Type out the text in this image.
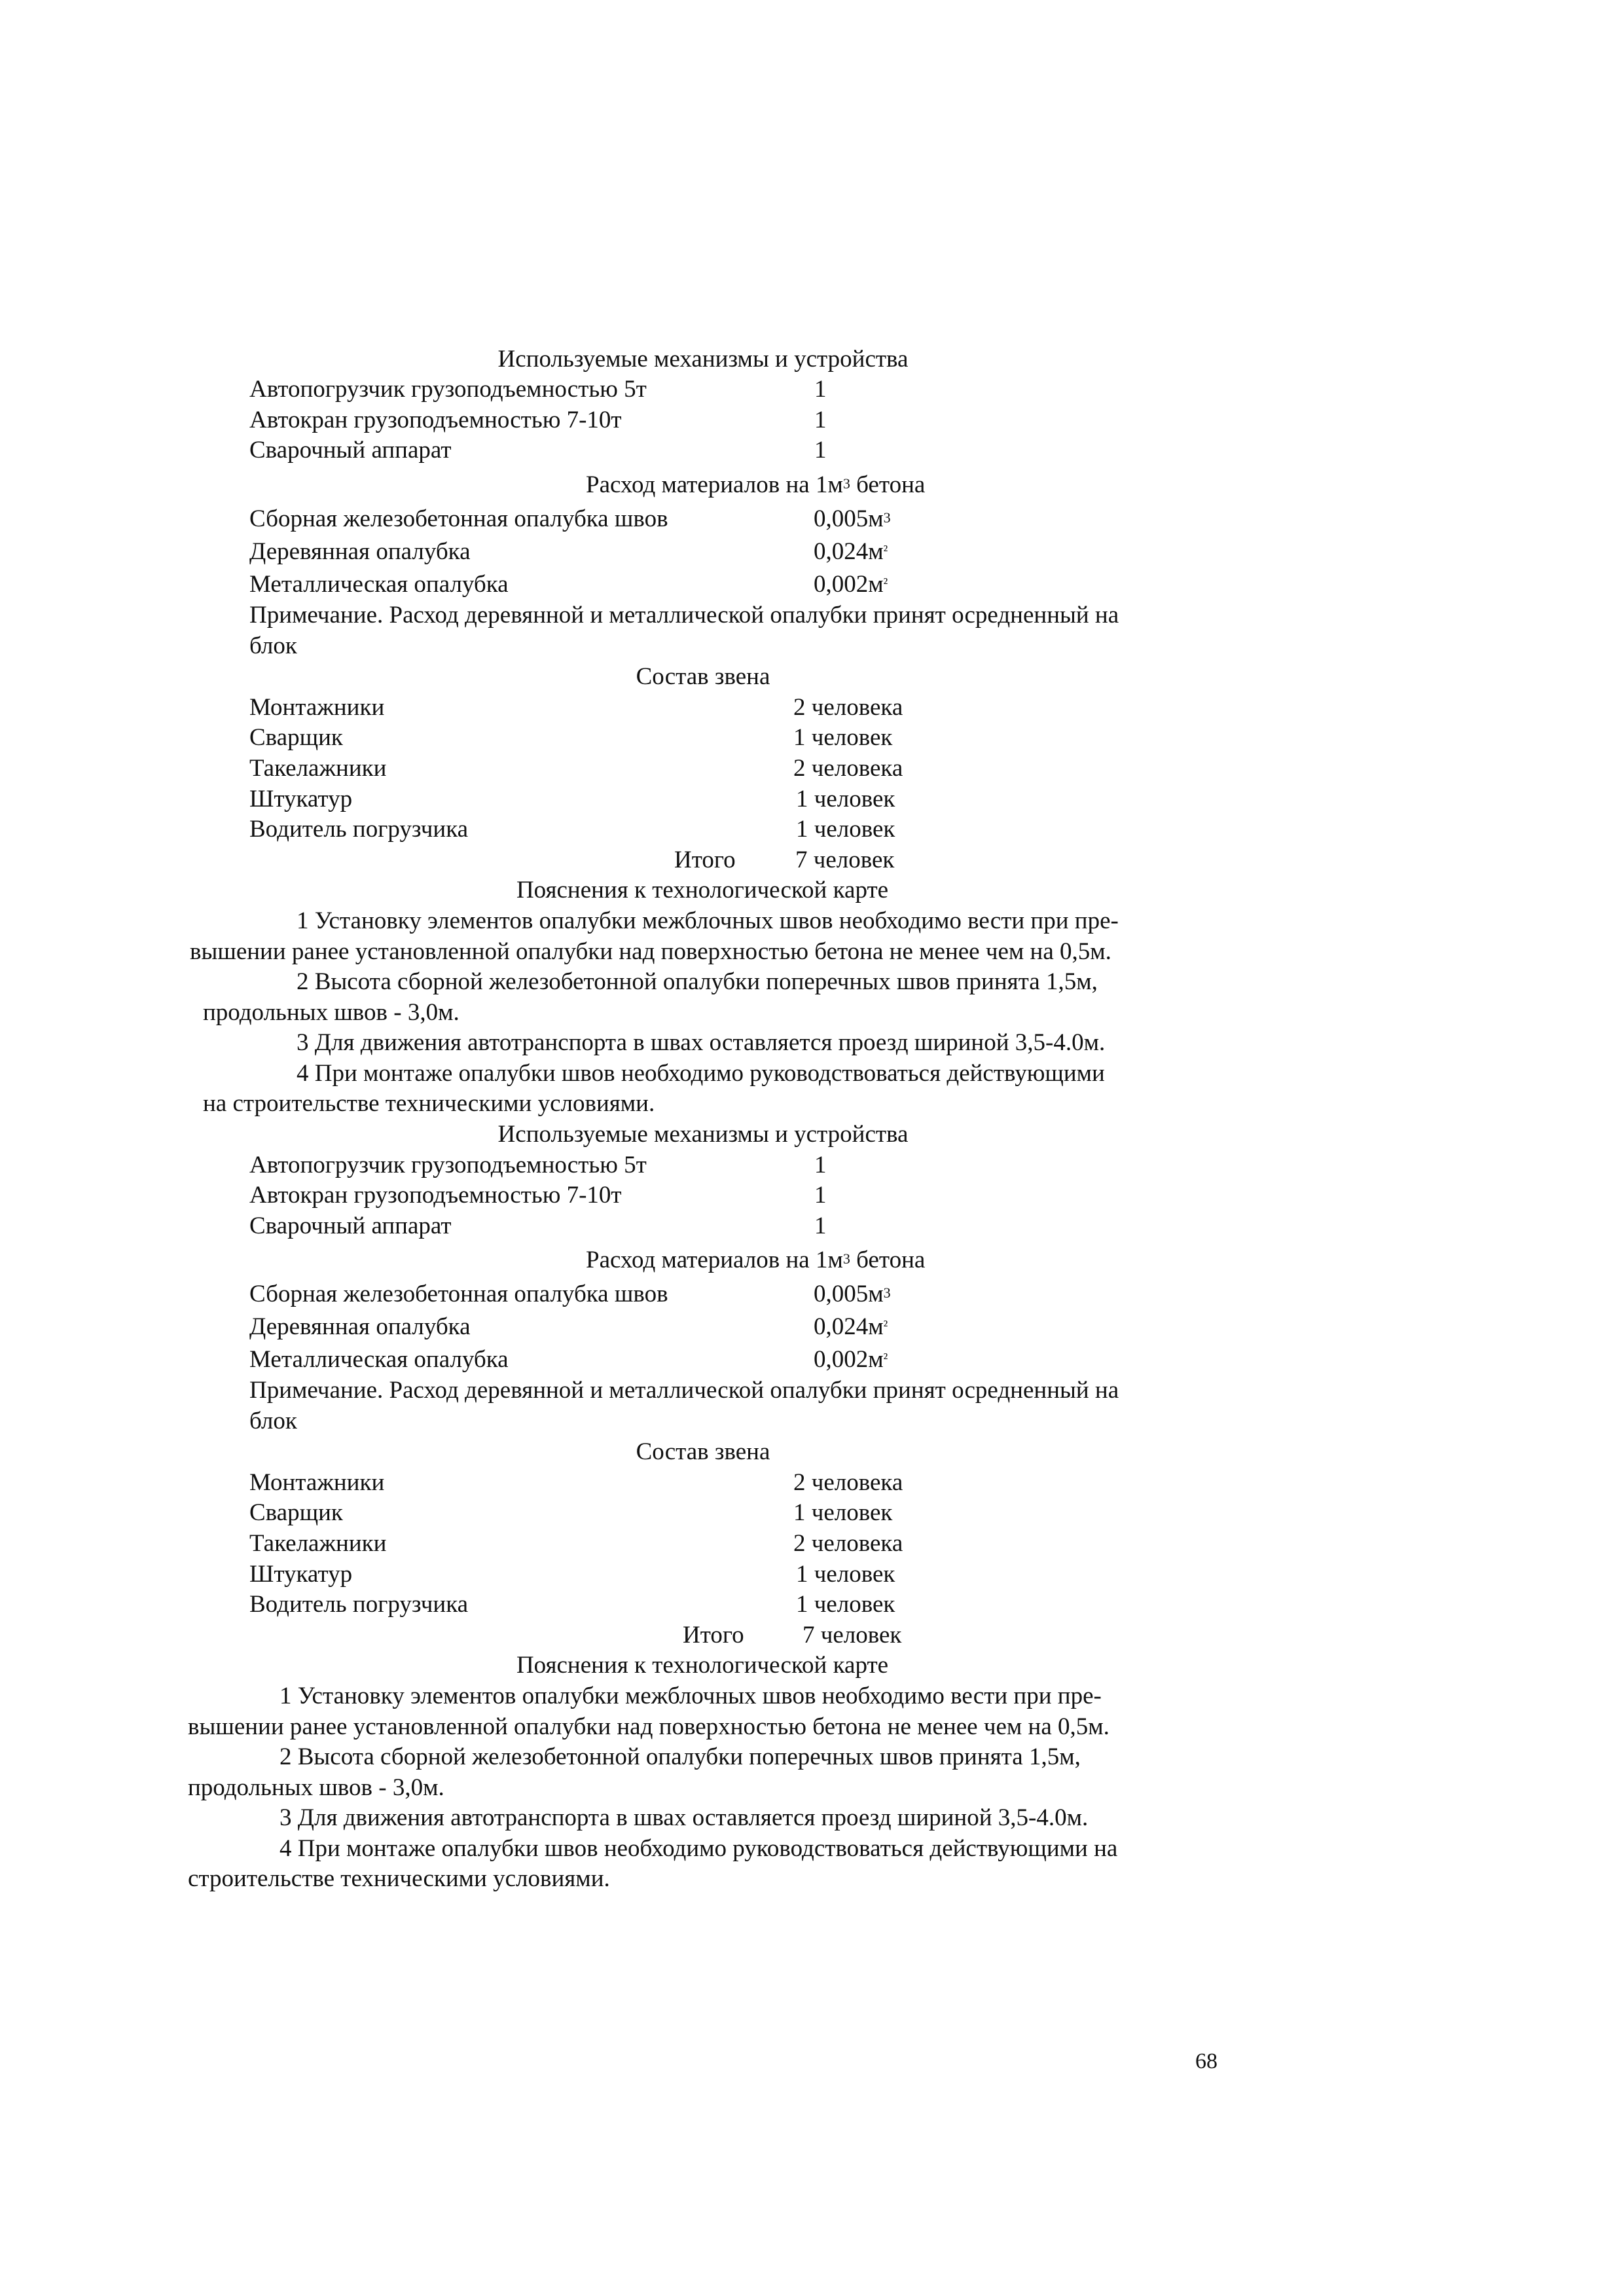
Используемые механизмы и устройства
Автопогрузчик грузоподъемностью 5т	1
Автокран грузоподъемностью 7-10т	1
Сварочный аппарат	1
Расход материалов на $1м^3$ бетона
Сборная железобетонная опалубка швов	$0,005м^3$
Деревянная опалубка	$0,024м^{^2}$
Металлическая опалубка	$0,002м^{^2}$
Примечание. Расход деревянной и металлической опалубки принят осредненный на
блок
Состав звена
Монтажники	2 человека
Сварщик	1 человек
Такелажники	2 человека
Штукатур	1 человек
Водитель погрузчика	1 человек
Итого 7 человек
Пояснения к технологической карте
1 Установку элементов опалубки межблочных швов необходимо вести при пре-
вышении ранее установленной опалубки над поверхностью бетона не менее чем на 0,5м.
2 Высота сборной железобетонной опалубки поперечных швов принята 1,5м,
продольных швов - 3,0м.
3 Для движения автотранспорта в швах оставляется проезд шириной 3,5-4.0м.
4 При монтаже опалубки швов необходимо руководствоваться действующими
на строительстве техническими условиями.
Используемые механизмы и устройства
Автопогрузчик грузоподъемностью 5т	1
Автокран грузоподъемностью 7-10т	1
Сварочный аппарат	1
Расход материалов на $1м^3$ бетона
Сборная железобетонная опалубка швов	$0,005м^3$
Деревянная опалубка	$0,024м^{^2}$
Металлическая опалубка	$0,002м^{^2}$
Примечание. Расход деревянной и металлической опалубки принят осредненный на
блок
Состав звена
Монтажники	2 человека
Сварщик	1 человек
Такелажники	2 человека
Штукатур	1 человек
Водитель погрузчика	1 человек
Итого 7 человек
Пояснения к технологической карте
1 Установку элементов опалубки межблочных швов необходимо вести при пре-
вышении ранее установленной опалубки над поверхностью бетона не менее чем на 0,5м.
2 Высота сборной железобетонной опалубки поперечных швов принята 1,5м,
продольных швов - 3,0м.
3 Для движения автотранспорта в швах оставляется проезд шириной 3,5-4.0м.
4 При монтаже опалубки швов необходимо руководствоваться действующими на
строительстве техническими условиями.
68
